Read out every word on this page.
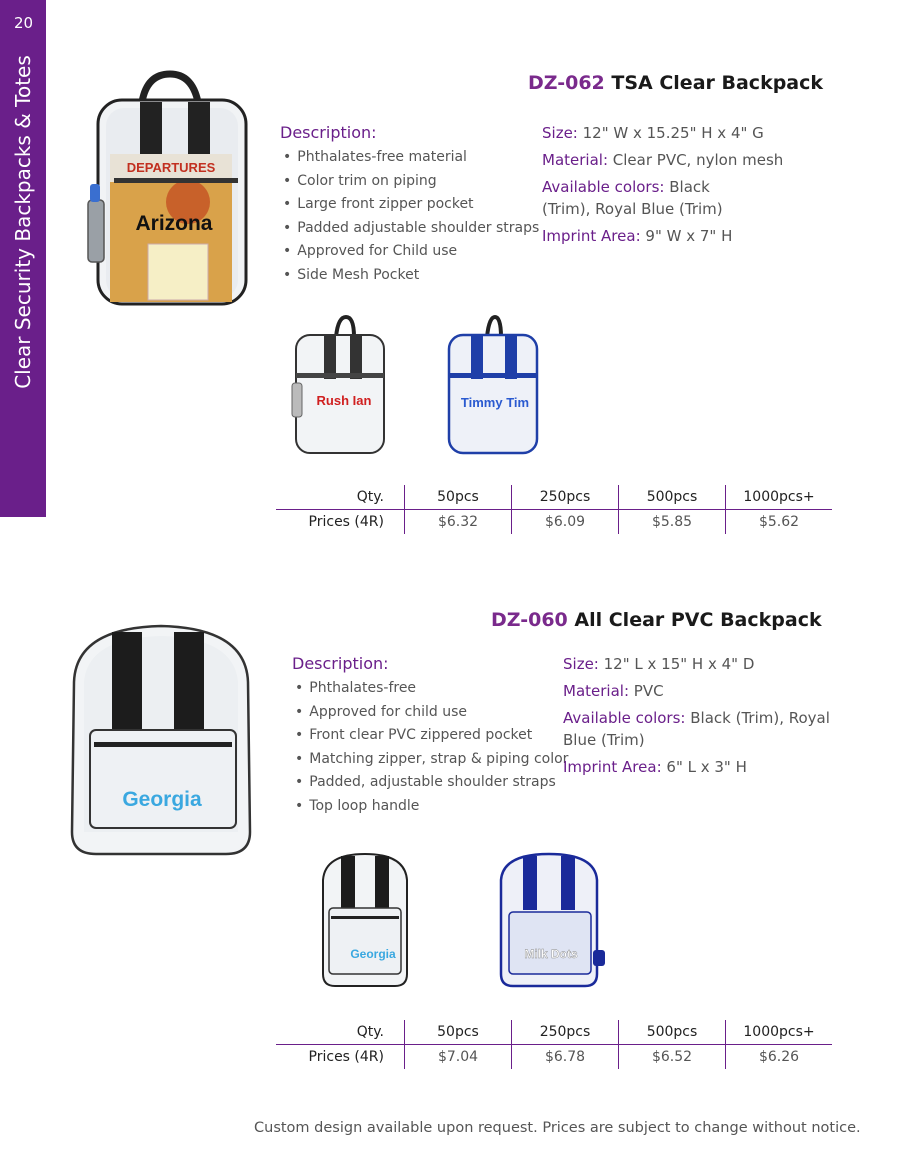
20
Clear Security Backpacks & Totes	DEPARTURES
Arizona
DZ-062 TSA Clear Backpack
Description:
• Phthalates-free material
• Color trim on piping
• Large front zipper pocket
• Padded adjustable shoulder straps
• Approved for Child use
• Side Mesh Pocket
Size: 12" W x 15.25" H x 4" G
Material: Clear PVC, nylon mesh
Available colors: Black (Trim), Royal Blue (Trim)
Imprint Area: 9" W x 7" H
Rush Ian	Timmy Tim
Qty.	50pcs	250pcs	500pcs	1000pcs+
Prices (4R)	$6.32	$6.09	$5.85	$5.62
Georgia
DZ-060 All Clear PVC Backpack
Description:
• Phthalates-free
• Approved for child use
• Front clear PVC zippered pocket
• Matching zipper, strap & piping color
• Padded, adjustable shoulder straps
• Top loop handle
Size: 12" L x 15" H x 4" D
Material: PVC
Available colors: Black (Trim), Royal Blue (Trim)
Imprint Area: 6" L x 3" H
Georgia	Milk Dots
Qty.	50pcs	250pcs	500pcs	1000pcs+
Prices (4R)	$7.04	$6.78	$6.52	$6.26
Custom design available upon request. Prices are subject to change without notice.
